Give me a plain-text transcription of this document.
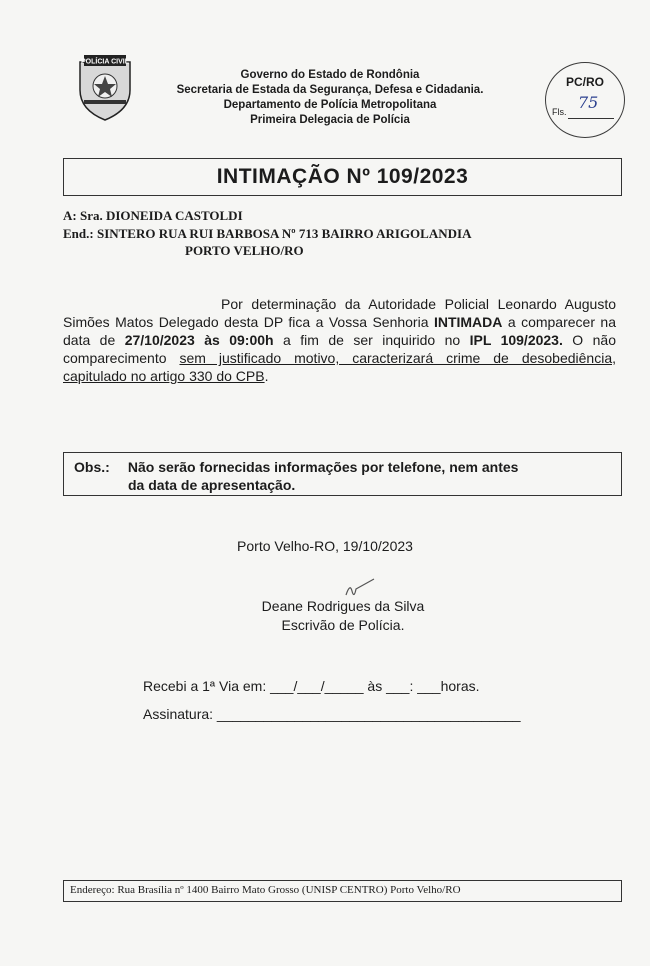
POLÍCIA CIVIL
Governo do Estado de Rondônia
Secretaria de Estada da Segurança, Defesa e Cidadania.
Departamento de Polícia Metropolitana
Primeira Delegacia de Polícia
PC/RO
75
Fls.
INTIMAÇÃO Nº 109/2023
A: Sra. DIONEIDA CASTOLDI
End.: SINTERO RUA RUI BARBOSA Nº 713 BAIRRO ARIGOLANDIA
PORTO VELHO/RO
Por determinação da Autoridade Policial Leonardo Augusto Simões Matos Delegado desta DP fica a Vossa Senhoria INTIMADA a comparecer na data de 27/10/2023 às 09:00h a fim de ser inquirido no IPL 109/2023. O não comparecimento sem justificado motivo, caracterizará crime de desobediência, capitulado no artigo 330 do CPB.
Obs.: Não serão fornecidas informações por telefone, nem antes
da data de apresentação.
Porto Velho-RO, 19/10/2023
Deane Rodrigues da Silva
Escrivão de Polícia.
Recebi a 1ª Via em: ___/___/_____ às ___: ___horas.
Assinatura: _______________________________________
Endereço: Rua Brasília nº 1400 Bairro Mato Grosso (UNISP CENTRO) Porto Velho/RO
